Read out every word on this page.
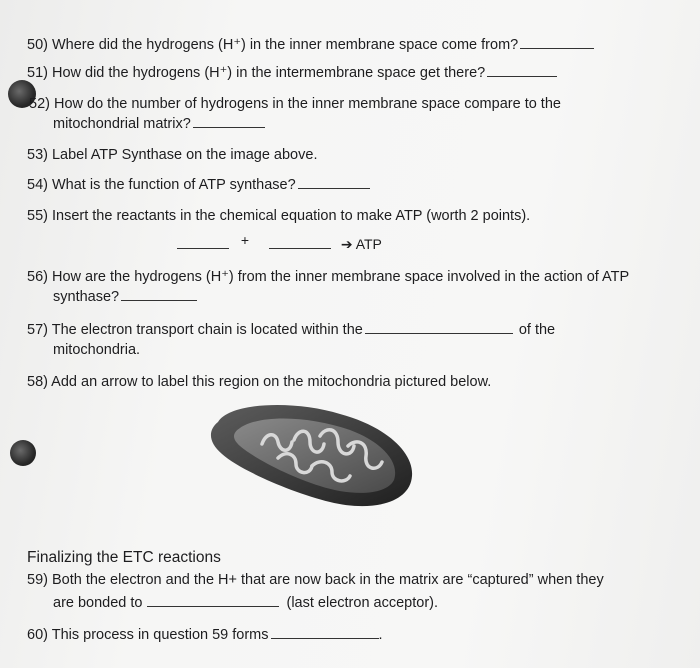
50) Where did the hydrogens (H⁺) in the inner membrane space come from?
51) How did the hydrogens (H⁺) in the intermembrane space get there?
52) How do the number of hydrogens in the inner membrane space compare to the
mitochondrial matrix?
53) Label ATP Synthase on the image above.
54) What is the function of ATP synthase?
55) Insert the reactants in the chemical equation to make ATP (worth 2 points).
+	➔ ATP
56) How are the hydrogens (H⁺) from the inner membrane space involved in the action of ATP
synthase?
57) The electron transport chain is located within the	of the
mitochondria.
58) Add an arrow to label this region on the mitochondria pictured below.
Finalizing the ETC reactions
59) Both the electron and the H+ that are now back in the matrix are “captured” when they
are bonded to	(last electron acceptor).
60) This process in question 59 forms	.
